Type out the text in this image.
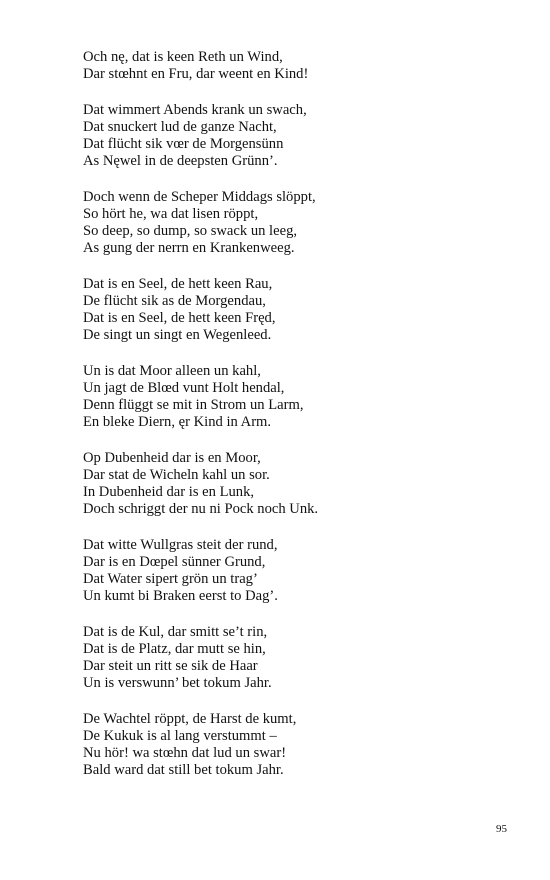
Och nę, dat is keen Reth un Wind,
Dar stœhnt en Fru, dar weent en Kind!
Dat wimmert Abends krank un swach,
Dat snuckert lud de ganze Nacht,
Dat flücht sik vœr de Morgensünn
As Nęwel in de deepsten Grünn’.
Doch wenn de Scheper Middags slöppt,
So hört he, wa dat lisen röppt,
So deep, so dump, so swack un leeg,
As gung der nerrn en Krankenweeg.
Dat is en Seel, de hett keen Rau,
De flücht sik as de Morgendau,
Dat is en Seel, de hett keen Fręd,
De singt un singt en Wegenleed.
Un is dat Moor alleen un kahl,
Un jagt de Blœd vunt Holt hendal,
Denn flüggt se mit in Strom un Larm,
En bleke Diern, ęr Kind in Arm.
Op Dubenheid dar is en Moor,
Dar stat de Wicheln kahl un sor.
In Dubenheid dar is en Lunk,
Doch schriggt der nu ni Pock noch Unk.
Dat witte Wullgras steit der rund,
Dar is en Dœpel sünner Grund,
Dat Water sipert grön un trag’
Un kumt bi Braken eerst to Dag’.
Dat is de Kul, dar smitt se’t rin,
Dat is de Platz, dar mutt se hin,
Dar steit un ritt se sik de Haar
Un is verswunn’ bet tokum Jahr.
De Wachtel röppt, de Harst de kumt,
De Kukuk is al lang verstummt –
Nu hör! wa stœhn dat lud un swar!
Bald ward dat still bet tokum Jahr.
95
